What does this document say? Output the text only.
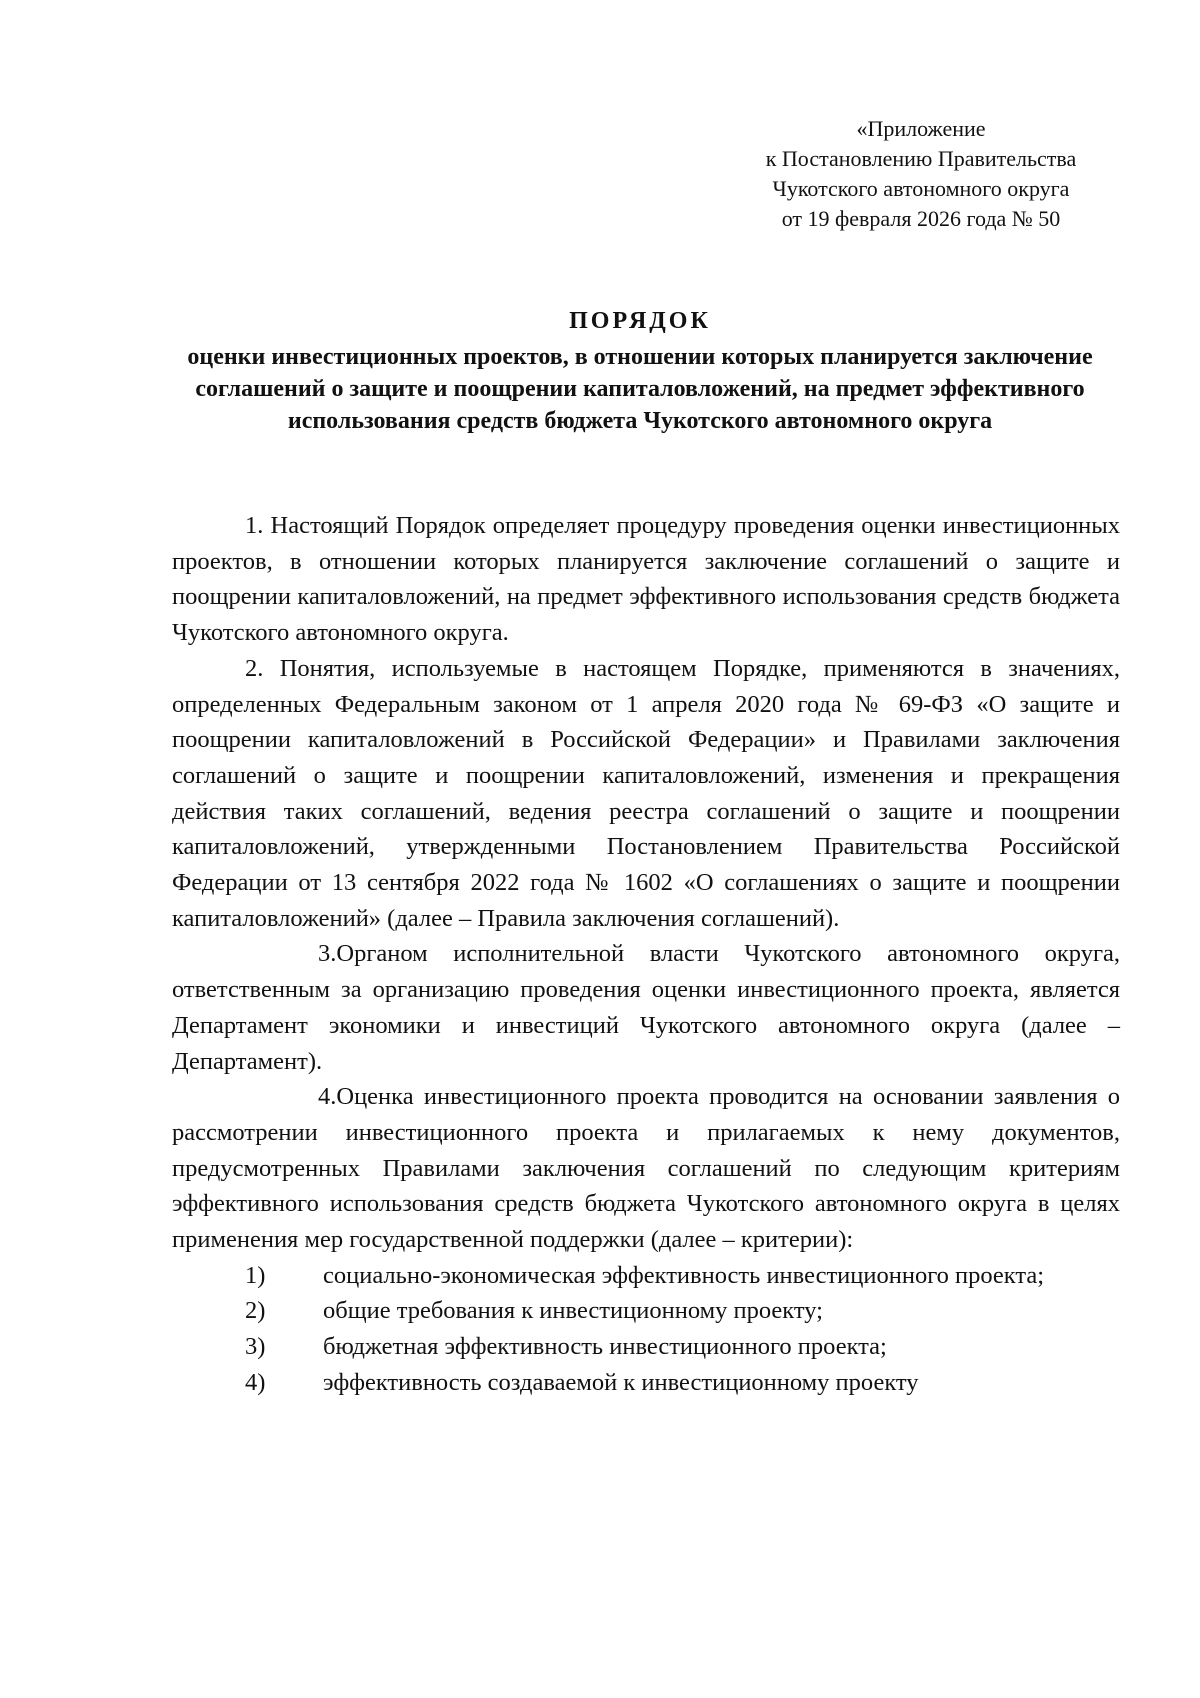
«Приложение
к Постановлению Правительства
Чукотского автономного округа
от 19 февраля 2026 года № 50
ПОРЯДОК
оценки инвестиционных проектов, в отношении которых планируется заключение соглашений о защите и поощрении капиталовложений, на предмет эффективного использования средств бюджета Чукотского автономного округа

1. Настоящий Порядок определяет процедуру проведения оценки инвестиционных проектов, в отношении которых планируется заключение соглашений о защите и поощрении капиталовложений, на предмет эффективного использования средств бюджета Чукотского автономного округа.

2. Понятия, используемые в настоящем Порядке, применяются в значениях, определенных Федеральным законом от 1 апреля 2020 года № 69-ФЗ «О защите и поощрении капиталовложений в Российской Федерации» и Правилами заключения соглашений о защите и поощрении капиталовложений, изменения и прекращения действия таких соглашений, ведения реестра соглашений о защите и поощрении капиталовложений, утвержденными Постановлением Правительства Российской Федерации от 13 сентября 2022 года № 1602 «О соглашениях о защите и поощрении капиталовложений» (далее – Правила заключения соглашений).

3.Органом исполнительной власти Чукотского автономного округа, ответственным за организацию проведения оценки инвестиционного проекта, является Департамент экономики и инвестиций Чукотского автономного округа (далее – Департамент).

4.Оценка инвестиционного проекта проводится на основании заявления о рассмотрении инвестиционного проекта и прилагаемых к нему документов, предусмотренных Правилами заключения соглашений по следующим критериям эффективного использования средств бюджета Чукотского автономного округа в целях применения мер государственной поддержки (далее – критерии):

1) социально-экономическая эффективность инвестиционного проекта;

2) общие требования к инвестиционному проекту;

3) бюджетная эффективность инвестиционного проекта;

4) эффективность создаваемой к инвестиционному проекту
